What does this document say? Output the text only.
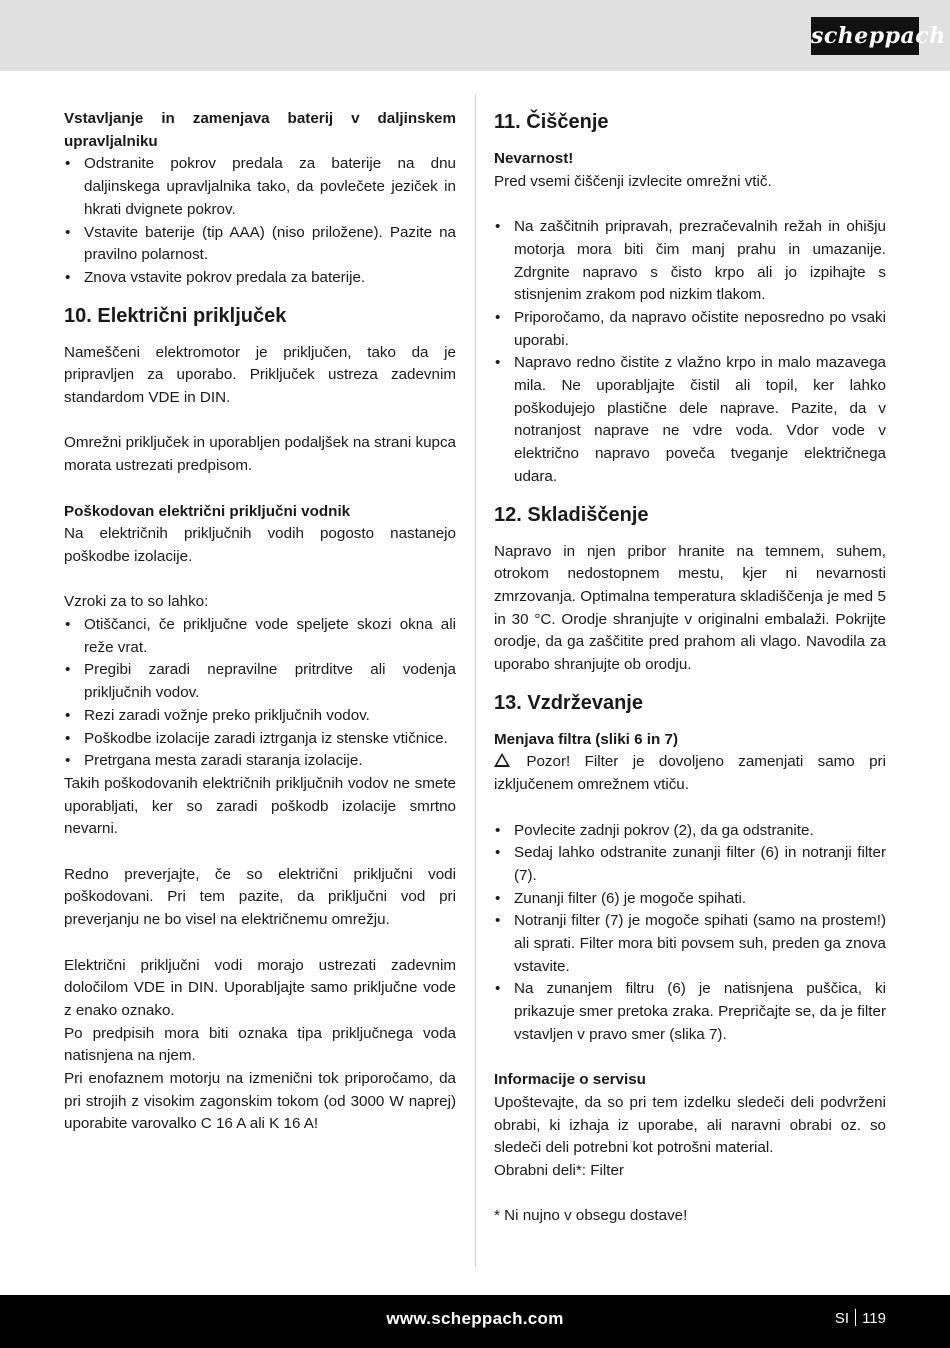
scheppach

Vstavljanje in zamenjava baterij v daljinskem upravljalniku

• Odstranite pokrov predala za baterije na dnu daljinskega upravljalnika tako, da povlečete jeziček in hkrati dvignete pokrov.
• Vstavite baterije (tip AAA) (niso priložene). Pazite na pravilno polarnost.
• Znova vstavite pokrov predala za baterije.
10. Električni priključek

Nameščeni elektromotor je priključen, tako da je pripravljen za uporabo. Priključek ustreza zadevnim standardom VDE in DIN.

Omrežni priključek in uporabljen podaljšek na strani kupca morata ustrezati predpisom.

Poškodovan električni priključni vodnik

Na električnih priključnih vodih pogosto nastanejo poškodbe izolacije.

Vzroki za to so lahko:

• Otiščanci, če priključne vode speljete skozi okna ali reže vrat.
• Pregibi zaradi nepravilne pritrditve ali vodenja priključnih vodov.
• Rezi zaradi vožnje preko priključnih vodov.
• Poškodbe izolacije zaradi iztrganja iz stenske vtičnice.
• Pretrgana mesta zaradi staranja izolacije.

Takih poškodovanih električnih priključnih vodov ne smete uporabljati, ker so zaradi poškodb izolacije smrtno nevarni.

Redno preverjajte, če so električni priključni vodi poškodovani. Pri tem pazite, da priključni vod pri preverjanju ne bo visel na električnemu omrežju.

Električni priključni vodi morajo ustrezati zadevnim določilom VDE in DIN. Uporabljajte samo priključne vode z enako oznako.

Po predpisih mora biti oznaka tipa priključnega voda natisnjena na njem.

Pri enofaznem motorju na izmenični tok priporočamo, da pri strojih z visokim zagonskim tokom (od 3000 W naprej) uporabite varovalko C 16 A ali K 16 A!

11. Čiščenje

Nevarnost!

Pred vsemi čiščenji izvlecite omrežni vtič.

• Na zaščitnih pripravah, prezračevalnih režah in ohišju motorja mora biti čim manj prahu in umazanije. Zdrgnite napravo s čisto krpo ali jo izpihajte s stisnjenim zrakom pod nizkim tlakom.
• Priporočamo, da napravo očistite neposredno po vsaki uporabi.
• Napravo redno čistite z vlažno krpo in malo mazavega mila. Ne uporabljajte čistil ali topil, ker lahko poškodujejo plastične dele naprave. Pazite, da v notranjost naprave ne vdre voda. Vdor vode v električno napravo poveča tveganje električnega udara.
12. Skladiščenje

Napravo in njen pribor hranite na temnem, suhem, otrokom nedostopnem mestu, kjer ni nevarnosti zmrzovanja. Optimalna temperatura skladiščenja je med 5 in 30 °C. Orodje shranjujte v originalni embalaži. Pokrijte orodje, da ga zaščitite pred prahom ali vlago. Navodila za uporabo shranjujte ob orodju.

13. Vzdrževanje

Menjava filtra (sliki 6 in 7)

Pozor! Filter je dovoljeno zamenjati samo pri izključenem omrežnem vtiču.

• Povlecite zadnji pokrov (2), da ga odstranite.
• Sedaj lahko odstranite zunanji filter (6) in notranji filter (7).
• Zunanji filter (6) je mogoče spihati.
• Notranji filter (7) je mogoče spihati (samo na prostem!) ali sprati. Filter mora biti povsem suh, preden ga znova vstavite.
• Na zunanjem filtru (6) je natisnjena puščica, ki prikazuje smer pretoka zraka. Prepričajte se, da je filter vstavljen v pravo smer (slika 7).

Informacije o servisu

Upoštevajte, da so pri tem izdelku sledeči deli podvrženi obrabi, ki izhaja iz uporabe, ali naravni obrabi oz. so sledeči deli potrebni kot potrošni material.

Obrabni deli*: Filter

* Ni nujno v obsegu dostave!

www.scheppach.com	SI 119
